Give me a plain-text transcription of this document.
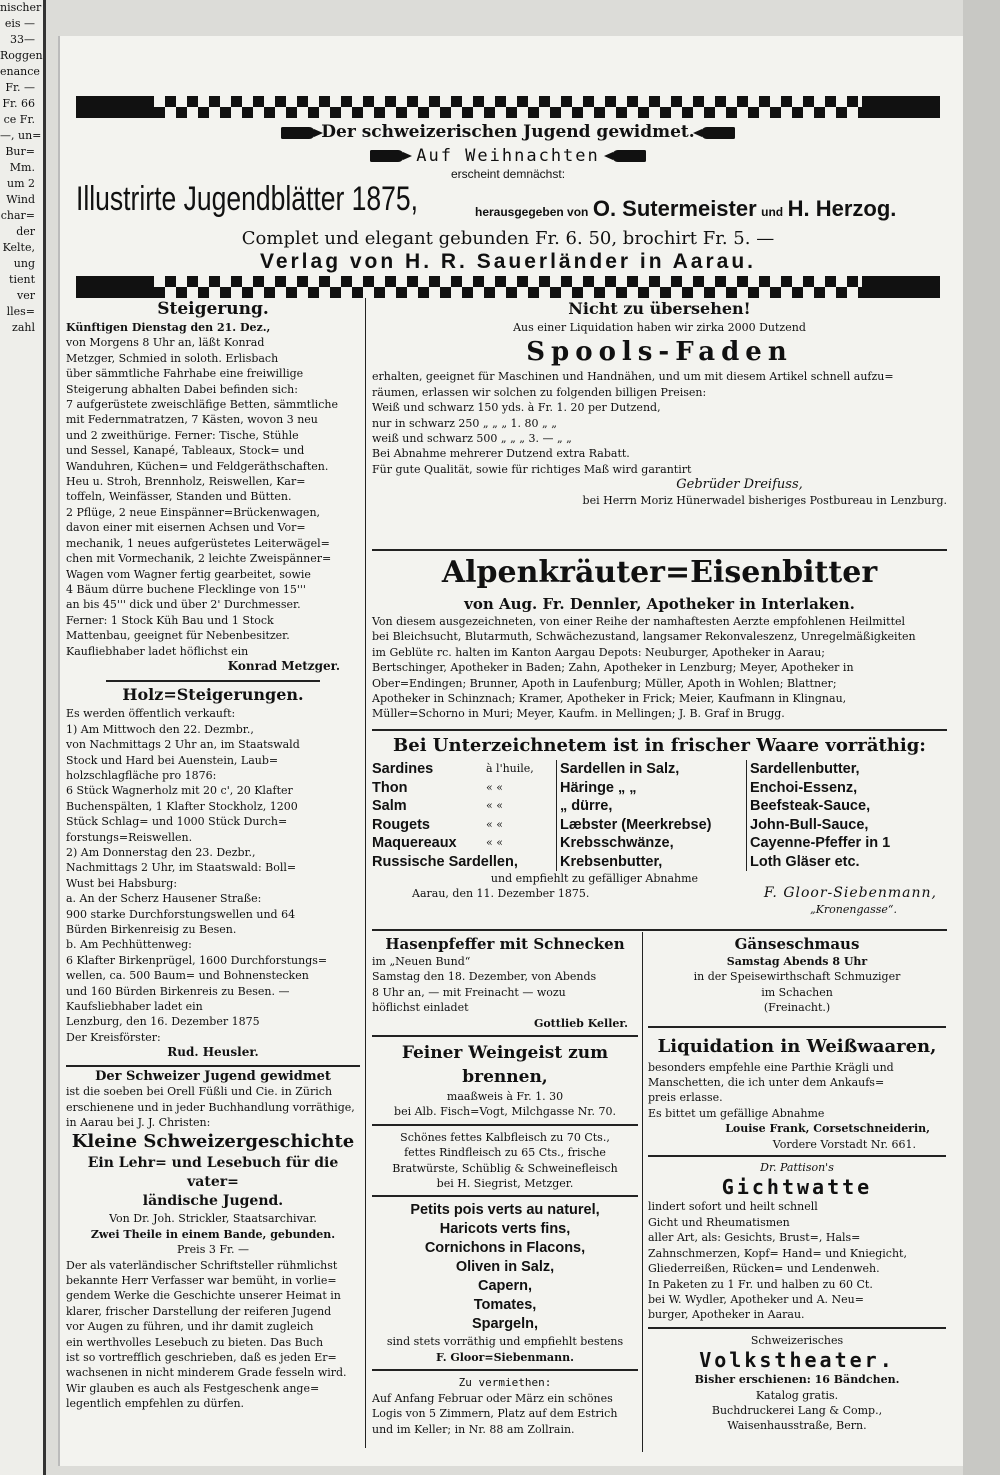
nischer
eis —
33—
Roggen
enance
Fr. —
Fr. 66
ce Fr.
—, un=
Bur=
Mm.
um 2
Wind
char=
der
Kelte,
ung
tient
ver
lles=
zahl
Der schweizerischen Jugend gewidmet.
Auf Weihnachten
erscheint demnächst:
Illustrirte Jugendblätter 1875,	herausgegeben von O. Sutermeister und H. Herzog.
Complet und elegant gebunden Fr. 6. 50, brochirt Fr. 5. —
Verlag von H. R. Sauerländer in Aarau.
Steigerung.
Künftigen Dienstag den 21. Dez.,
von Morgens 8 Uhr an, läßt Konrad
Metzger, Schmied in soloth. Erlisbach
über sämmtliche Fahrhabe eine freiwillige
Steigerung abhalten Dabei befinden sich:
7 aufgerüstete zweischläfige Betten, sämmtliche
mit Federnmatratzen, 7 Kästen, wovon 3 neu
und 2 zweithürige. Ferner: Tische, Stühle
und Sessel, Kanapé, Tableaux, Stock= und
Wanduhren, Küchen= und Feldgeräthschaften.
Heu u. Stroh, Brennholz, Reiswellen, Kar=
toffeln, Weinfässer, Standen und Bütten.
2 Pflüge, 2 neue Einspänner=Brückenwagen,
davon einer mit eisernen Achsen und Vor=
mechanik, 1 neues aufgerüstetes Leiterwägel=
chen mit Vormechanik, 2 leichte Zweispänner=
Wagen vom Wagner fertig gearbeitet, sowie
4 Bäum dürre buchene Flecklinge von 15'''
an bis 45''' dick und über 2' Durchmesser.
Ferner: 1 Stock Küh Bau und 1 Stock
Mattenbau, geeignet für Nebenbesitzer.
Kaufliebhaber ladet höflichst ein
Konrad Metzger.
Holz=Steigerungen.
Es werden öffentlich verkauft:
1) Am Mittwoch den 22. Dezmbr.,
von Nachmittags 2 Uhr an, im Staatswald
Stock und Hard bei Auenstein, Laub=
holzschlagfläche pro 1876:
6 Stück Wagnerholz mit 20 c', 20 Klafter
Buchenspälten, 1 Klafter Stockholz, 1200
Stück Schlag= und 1000 Stück Durch=
forstungs=Reiswellen.
2) Am Donnerstag den 23. Dezbr.,
Nachmittags 2 Uhr, im Staatswald: Boll=
Wust bei Habsburg:
a. An der Scherz Hausener Straße:
900 starke Durchforstungswellen und 64
Bürden Birkenreisig zu Besen.
b. Am Pechhüttenweg:
6 Klafter Birkenprügel, 1600 Durchforstungs=
wellen, ca. 500 Baum= und Bohnenstecken
und 160 Bürden Birkenreis zu Besen. —
Kaufsliebhaber ladet ein
Lenzburg, den 16. Dezember 1875
Der Kreisförster:
Rud. Heusler.
Der Schweizer Jugend gewidmet
ist die soeben bei Orell Füßli und Cie. in Zürich
erschienene und in jeder Buchhandlung vorräthige,
in Aarau bei J. J. Christen:
Kleine Schweizergeschichte
Ein Lehr= und Lesebuch für die vater=
ländische Jugend.
Von Dr. Joh. Strickler, Staatsarchivar.
Zwei Theile in einem Bande, gebunden.
Preis 3 Fr. —
Der als vaterländischer Schriftsteller rühmlichst
bekannte Herr Verfasser war bemüht, in vorlie=
gendem Werke die Geschichte unserer Heimat in
klarer, frischer Darstellung der reiferen Jugend
vor Augen zu führen, und ihr damit zugleich
ein werthvolles Lesebuch zu bieten. Das Buch
ist so vortrefflich geschrieben, daß es jeden Er=
wachsenen in nicht minderem Grade fesseln wird.
Wir glauben es auch als Festgeschenk ange=
legentlich empfehlen zu dürfen.
Nicht zu übersehen!
Aus einer Liquidation haben wir zirka 2000 Dutzend
Spools-Faden
erhalten, geeignet für Maschinen und Handnähen, und um mit diesem Artikel schnell aufzu=
räumen, erlassen wir solchen zu folgenden billigen Preisen:
Weiß und schwarz 150 yds. à Fr. 1. 20 per Dutzend,
nur in schwarz 250 „ „ „ 1. 80 „ „
weiß und schwarz 500 „ „ „ 3. — „ „
Bei Abnahme mehrerer Dutzend extra Rabatt.
Für gute Qualität, sowie für richtiges Maß wird garantirt
Gebrüder Dreifuss,
bei Herrn Moriz Hünerwadel bisheriges Postbureau in Lenzburg.
Alpenkräuter=Eisenbitter
von Aug. Fr. Dennler, Apotheker in Interlaken.
Von diesem ausgezeichneten, von einer Reihe der namhaftesten Aerzte empfohlenen Heilmittel
bei Bleichsucht, Blutarmuth, Schwächezustand, langsamer Rekonvaleszenz, Unregelmäßigkeiten
im Geblüte rc. halten im Kanton Aargau Depots: Neuburger, Apotheker in Aarau;
Bertschinger, Apotheker in Baden; Zahn, Apotheker in Lenzburg; Meyer, Apotheker in
Ober=Endingen; Brunner, Apoth in Laufenburg; Müller, Apoth in Wohlen; Blattner;
Apotheker in Schinznach; Kramer, Apotheker in Frick; Meier, Kaufmann in Klingnau,
Müller=Schorno in Muri; Meyer, Kaufm. in Mellingen; J. B. Graf in Brugg.
Bei Unterzeichnetem ist in frischer Waare vorräthig:
Sardines
Thon
Salm
Rougets
Maquereaux
Russische Sardellen,
à l'huile,
« «
« «
« «
« «
Sardellen in Salz,
Häringe „ „
„ dürre,
Læbster (Meerkrebse)
Krebsschwänze,
Krebsenbutter,
Sardellenbutter,
Enchoi-Essenz,
Beefsteak-Sauce,
John-Bull-Sauce,
Cayenne-Pfeffer in 1
Loth Gläser etc.
und empfiehlt zu gefälliger Abnahme
Aarau, den 11. Dezember 1875.	F. Gloor-Siebenmann,
„Kronengasse“.
Hasenpfeffer mit Schnecken
im „Neuen Bund“
Samstag den 18. Dezember, von Abends
8 Uhr an, — mit Freinacht — wozu
höflichst einladet
Gottlieb Keller.
Feiner Weingeist zum brennen,
maaßweis à Fr. 1. 30
bei Alb. Fisch=Vogt, Milchgasse Nr. 70.
Schönes fettes Kalbfleisch zu 70 Cts.,
fettes Rindfleisch zu 65 Cts., frische
Bratwürste, Schüblig & Schweinefleisch
bei H. Siegrist, Metzger.
Petits pois verts au naturel,
Haricots verts fins,
Cornichons in Flacons,
Oliven in Salz,
Capern,
Tomates,
Spargeln,
sind stets vorräthig und empfiehlt bestens
F. Gloor=Siebenmann.
Zu vermiethen:
Auf Anfang Februar oder März ein schönes
Logis von 5 Zimmern, Platz auf dem Estrich
und im Keller; in Nr. 88 am Zollrain.
Gänseschmaus
Samstag Abends 8 Uhr
in der Speisewirthschaft Schmuziger
im Schachen
(Freinacht.)
Liquidation in Weißwaaren,
besonders empfehle eine Parthie Krägli und
Manschetten, die ich unter dem Ankaufs=
preis erlasse.
Es bittet um gefällige Abnahme
Louise Frank, Corsetschneiderin,
Vordere Vorstadt Nr. 661.
Dr. Pattison's
Gichtwatte
lindert sofort und heilt schnell
Gicht und Rheumatismen
aller Art, als: Gesichts, Brust=, Hals=
Zahnschmerzen, Kopf= Hand= und Kniegicht,
Gliederreißen, Rücken= und Lendenweh.
In Paketen zu 1 Fr. und halben zu 60 Ct.
bei W. Wydler, Apotheker und A. Neu=
burger, Apotheker in Aarau.
Schweizerisches
Volkstheater.
Bisher erschienen: 16 Bändchen.
Katalog gratis.
Buchdruckerei Lang & Comp.,
Waisenhausstraße, Bern.
